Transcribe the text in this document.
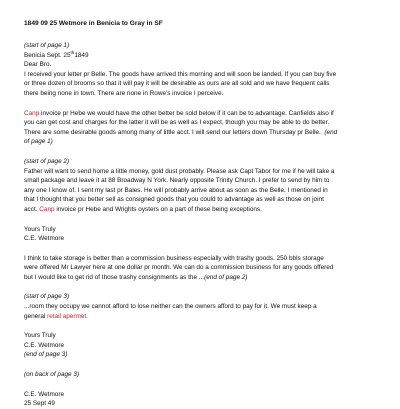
1849 09 25 Wetmore in Benicia to Gray in SF
(start of page 1)
Benicia Sept. 25th1849
Dear Bro.
I received your letter pr Belle. The goods have arrived this morning and will soon be landed. If you can buy five
or three dozen of brooms so that it will pay it will be desirable as ours are all sold and we have frequent calls
there being none in town. There are none in Rowe's invoice I perceive.
Canp invoice pr Hebe we would have the other better be sold below if it can be to advantage. Canfields also if
you can get cost and charges for the latter it will be as well as I expect, though you may be able to do better.
There are some desirable goods among many of little acct. I will send our letters down Thursday pr Belle. (end
of page 1)
(start of page 2)
Father will want to send home a little money, gold dust probably. Please ask Capt Tabor for me if he will take a
small package and leave it at 88 Broadway N York. Nearly opposite Trinity Church. I prefer to send by him to
any one I know of. I sent my last pr Bales. He will probably arrive about as soon as the Belle. I mentioned in
that I thought that you better sell as consigned goods that you could to advantage as well as those on joint
acct. Canp invoice pr Hebe and Wrights oysters on a part of these being exceptions.
Yours Truly
C.E. Wetmore
I think to take storage is better than a commission business especially with trashy goods. 250 bbls storage
were offered Mr Lawyer here at one dollar pr month. We can do a commission business for any goods offered
but I would like to get rid of those trashy consignments as the ...(end of page 2)
(start of page 3)
...room they occupy we cannot afford to lose neither can the owners afford to pay for it. We must keep a
general retail apermet.
Yours Truly
C.E. Wetmore
(end of page 3)
(on back of page 3)
C.E. Wetmore
25 Sept 49
